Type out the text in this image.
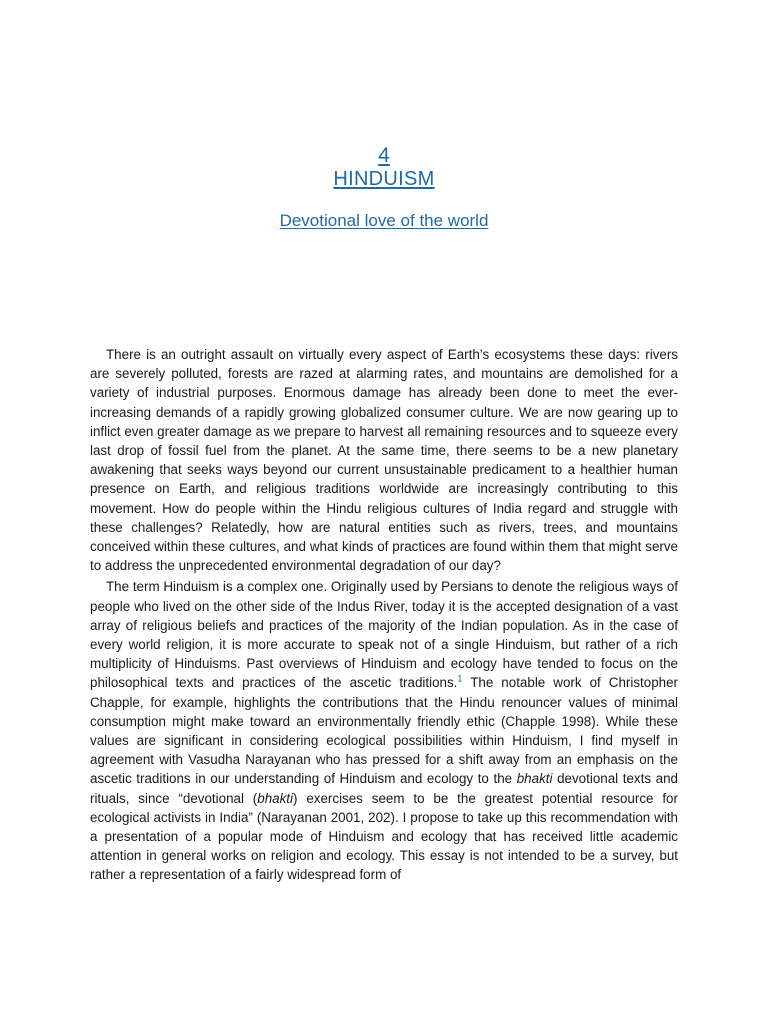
4
HINDUISM
Devotional love of the world

There is an outright assault on virtually every aspect of Earth’s ecosystems these days: rivers are severely polluted, forests are razed at alarming rates, and mountains are demolished for a variety of industrial purposes. Enormous damage has already been done to meet the ever-increasing demands of a rapidly growing globalized consumer culture. We are now gearing up to inflict even greater damage as we prepare to harvest all remaining resources and to squeeze every last drop of fossil fuel from the planet. At the same time, there seems to be a new planetary awakening that seeks ways beyond our current unsustainable predicament to a healthier human presence on Earth, and religious traditions worldwide are increasingly contributing to this movement. How do people within the Hindu religious cultures of India regard and struggle with these challenges? Relatedly, how are natural entities such as rivers, trees, and mountains conceived within these cultures, and what kinds of practices are found within them that might serve to address the unprecedented environmental degradation of our day?

The term Hinduism is a complex one. Originally used by Persians to denote the religious ways of people who lived on the other side of the Indus River, today it is the accepted designation of a vast array of religious beliefs and practices of the majority of the Indian population. As in the case of every world religion, it is more accurate to speak not of a single Hinduism, but rather of a rich multiplicity of Hinduisms. Past overviews of Hinduism and ecology have tended to focus on the philosophical texts and practices of the ascetic traditions.$^1$ The notable work of Christopher Chapple, for example, highlights the contributions that the Hindu renouncer values of minimal consumption might make toward an environmentally friendly ethic (Chapple 1998). While these values are significant in considering ecological possibilities within Hinduism, I find myself in agreement with Vasudha Narayanan who has pressed for a shift away from an emphasis on the ascetic traditions in our understanding of Hinduism and ecology to the bhakti devotional texts and rituals, since “devotional (bhakti) exercises seem to be the greatest potential resource for ecological activists in India” (Narayanan 2001, 202). I propose to take up this recommendation with a presentation of a popular mode of Hinduism and ecology that has received little academic attention in general works on religion and ecology. This essay is not intended to be a survey, but rather a representation of a fairly widespread form of
